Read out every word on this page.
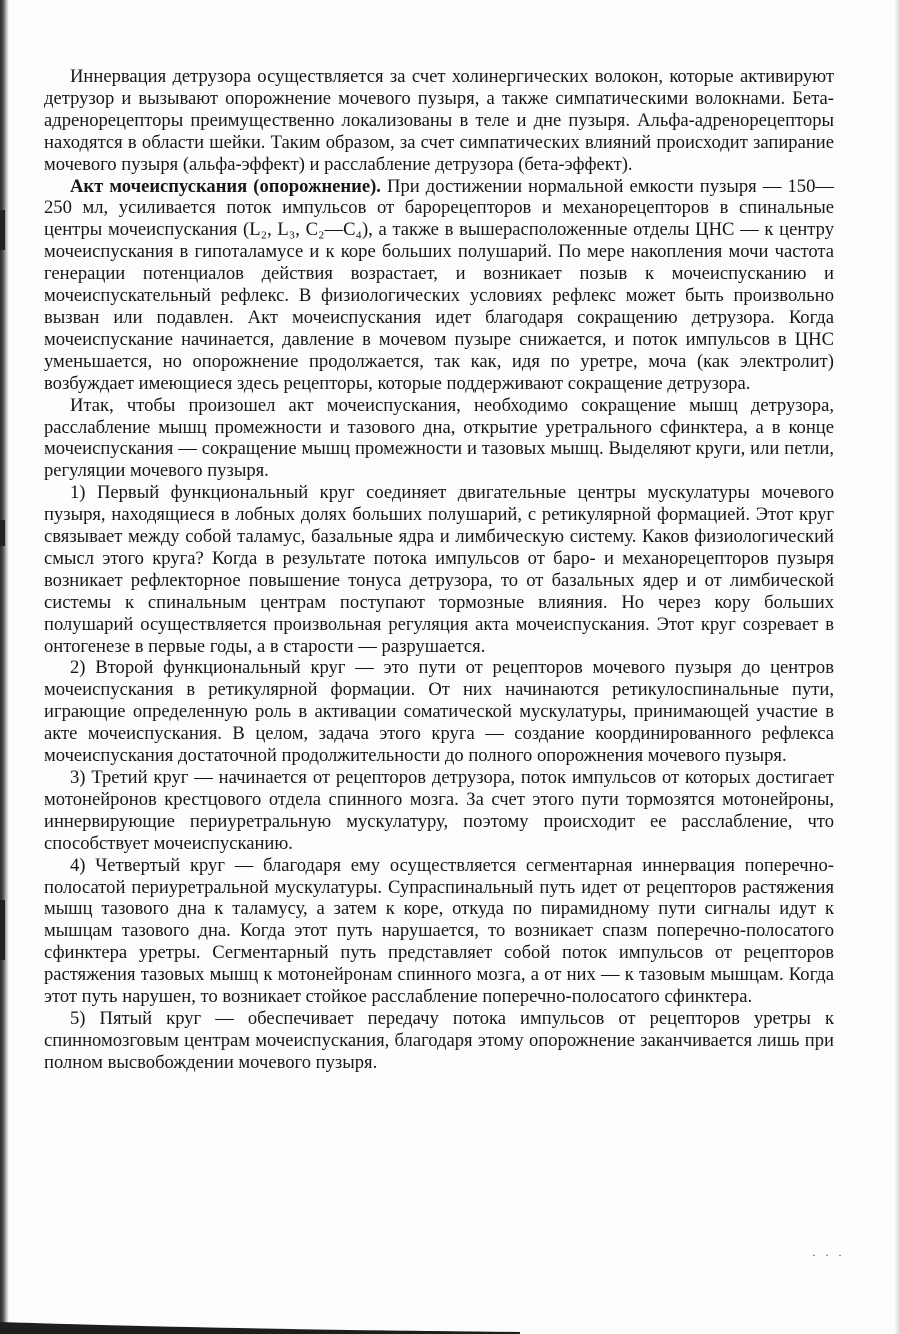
Иннервация детрузора осуществляется за счет холинергических волокон, которые активируют детрузор и вызывают опорожнение мочевого пузыря, а также симпатическими волокнами. Бета-адренорецепторы преимущественно локализованы в теле и дне пузыря. Альфа-адренорецепторы находятся в области шейки. Таким образом, за счет симпатических влияний происходит запирание мочевого пузыря (альфа-эффект) и расслабление детрузора (бета-эффект).

Акт мочеиспускания (опорожнение). При достижении нормальной емкости пузыря — 150—250 мл, усиливается поток импульсов от барорецепторов и механорецепторов в спинальные центры мочеиспускания (L₂, L₃, C₂—C₄), а также в вышерасположенные отделы ЦНС — к центру мочеиспускания в гипоталамусе и к коре больших полушарий. По мере накопления мочи частота генерации потенциалов действия возрастает, и возникает позыв к мочеиспусканию и мочеиспускательный рефлекс. В физиологических условиях рефлекс может быть произвольно вызван или подавлен. Акт мочеиспускания идет благодаря сокращению детрузора. Когда мочеиспускание начинается, давление в мочевом пузыре снижается, и поток импульсов в ЦНС уменьшается, но опорожнение продолжается, так как, идя по уретре, моча (как электролит) возбуждает имеющиеся здесь рецепторы, которые поддерживают сокращение детрузора.

Итак, чтобы произошел акт мочеиспускания, необходимо сокращение мышц детрузора, расслабление мышц промежности и тазового дна, открытие уретрального сфинктера, а в конце мочеиспускания — сокращение мышц промежности и тазовых мышц. Выделяют круги, или петли, регуляции мочевого пузыря.

1) Первый функциональный круг соединяет двигательные центры мускулатуры мочевого пузыря, находящиеся в лобных долях больших полушарий, с ретикулярной формацией. Этот круг связывает между собой таламус, базальные ядра и лимбическую систему. Каков физиологический смысл этого круга? Когда в результате потока импульсов от баро- и механорецепторов пузыря возникает рефлекторное повышение тонуса детрузора, то от базальных ядер и от лимбической системы к спинальным центрам поступают тормозные влияния. Но через кору больших полушарий осуществляется произвольная регуляция акта мочеиспускания. Этот круг созревает в онтогенезе в первые годы, а в старости — разрушается.

2) Второй функциональный круг — это пути от рецепторов мочевого пузыря до центров мочеиспускания в ретикулярной формации. От них начинаются ретикулоспинальные пути, играющие определенную роль в активации соматической мускулатуры, принимающей участие в акте мочеиспускания. В целом, задача этого круга — создание координированного рефлекса мочеиспускания достаточной продолжительности до полного опорожнения мочевого пузыря.

3) Третий круг — начинается от рецепторов детрузора, поток импульсов от которых достигает мотонейронов крестцового отдела спинного мозга. За счет этого пути тормозятся мотонейроны, иннервирующие периуретральную мускулатуру, поэтому происходит ее расслабление, что способствует мочеиспусканию.

4) Четвертый круг — благодаря ему осуществляется сегментарная иннервация поперечно-полосатой периуретральной мускулатуры. Супраспинальный путь идет от рецепторов растяжения мышц тазового дна к таламусу, а затем к коре, откуда по пирамидному пути сигналы идут к мышцам тазового дна. Когда этот путь нарушается, то возникает спазм поперечно-полосатого сфинктера уретры. Сегментарный путь представляет собой поток импульсов от рецепторов растяжения тазовых мышц к мотонейронам спинного мозга, а от них — к тазовым мышцам. Когда этот путь нарушен, то возникает стойкое расслабление поперечно-полосатого сфинктера.

5) Пятый круг — обеспечивает передачу потока импульсов от рецепторов уретры к спинномозговым центрам мочеиспускания, благодаря этому опорожнение заканчивается лишь при полном высвобождении мочевого пузыря.

· · ·
